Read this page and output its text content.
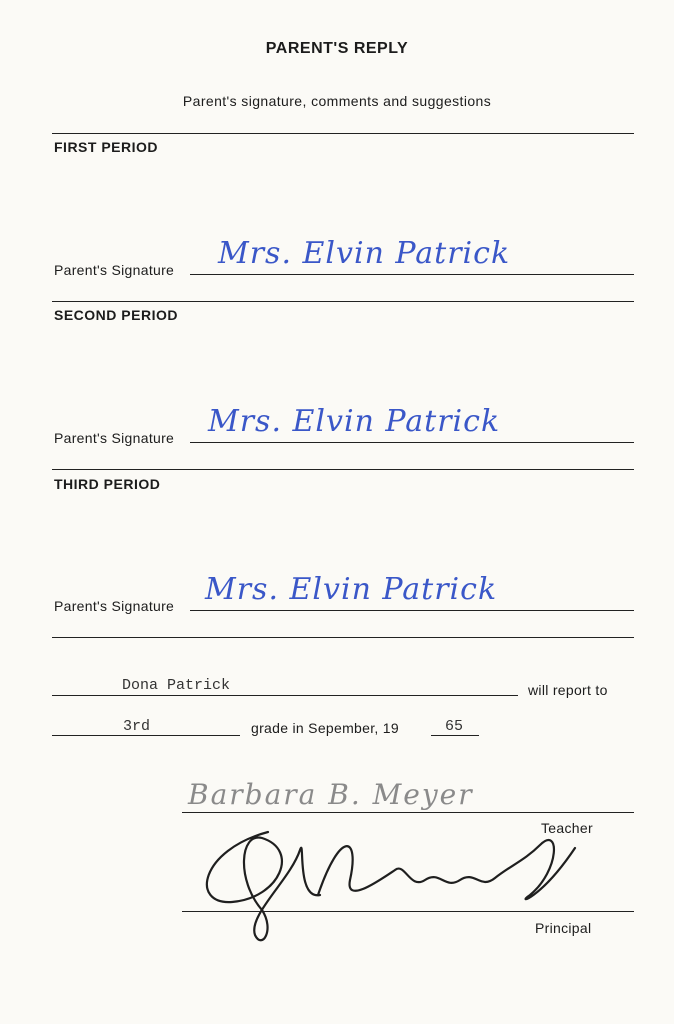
PARENT'S REPLY
Parent's signature, comments and suggestions
FIRST PERIOD
Parent's Signature Mrs. Elvin Patrick
SECOND PERIOD
Parent's Signature Mrs. Elvin Patrick
THIRD PERIOD
Parent's Signature Mrs. Elvin Patrick
Dona Patrick	will report to
3rd	grade in Sepember, 19	65
Barbara B. Meyer
Teacher
Principal
